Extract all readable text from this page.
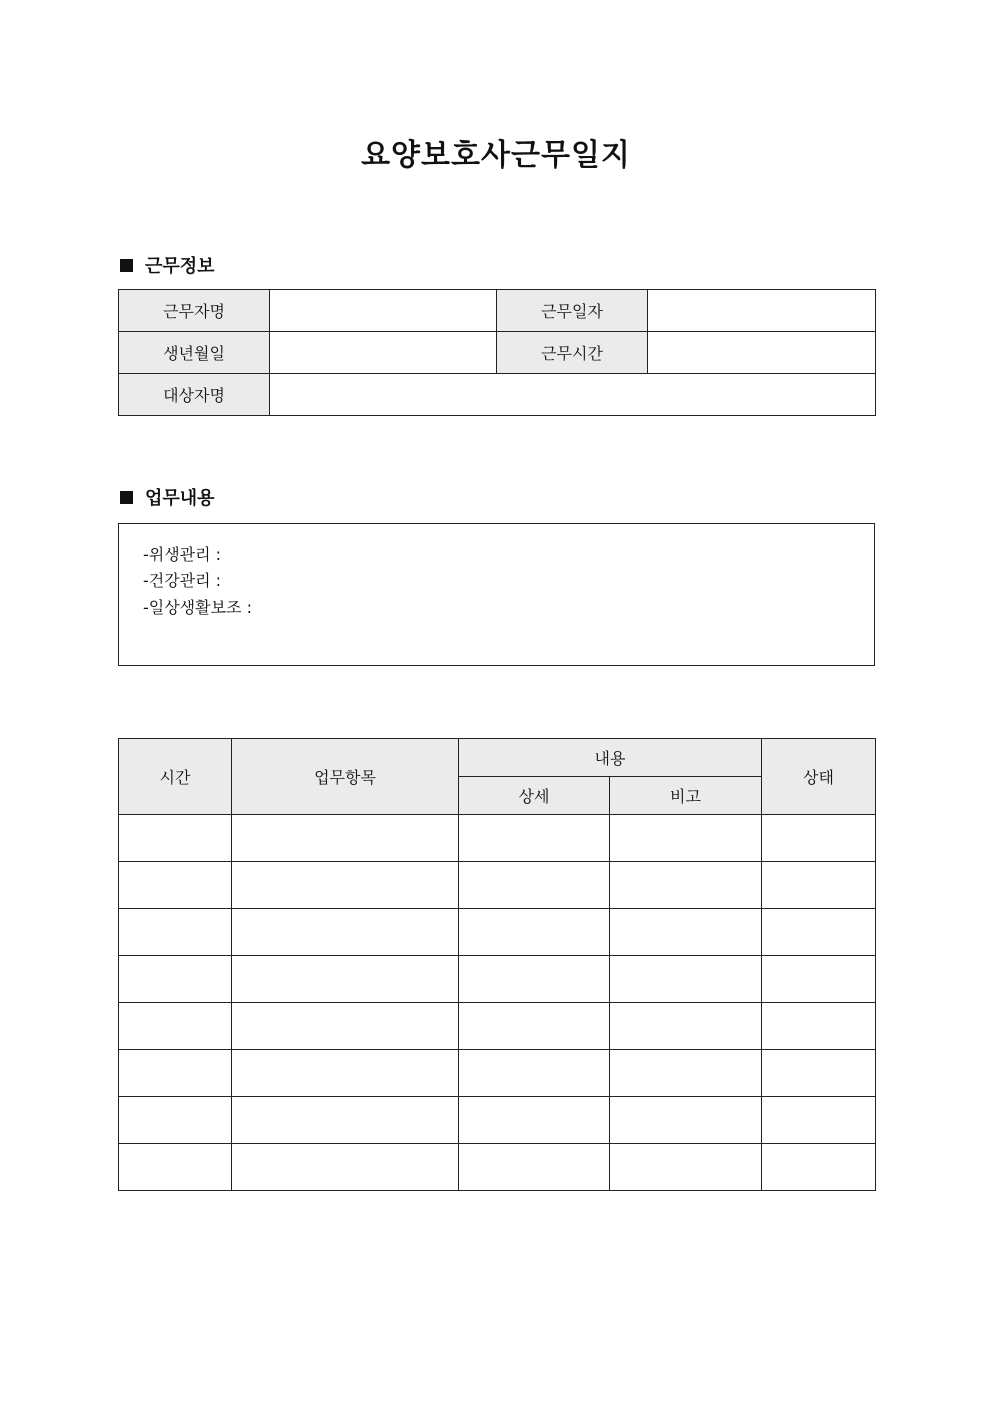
요양보호사근무일지
근무정보
근무자명		근무일자	
생년월일		근무시간	
대상자명			
업무내용
-위생관리 :
-건강관리 :
-일상생활보조 :
시간	업무항목	내용		상태
		상세	비고	
